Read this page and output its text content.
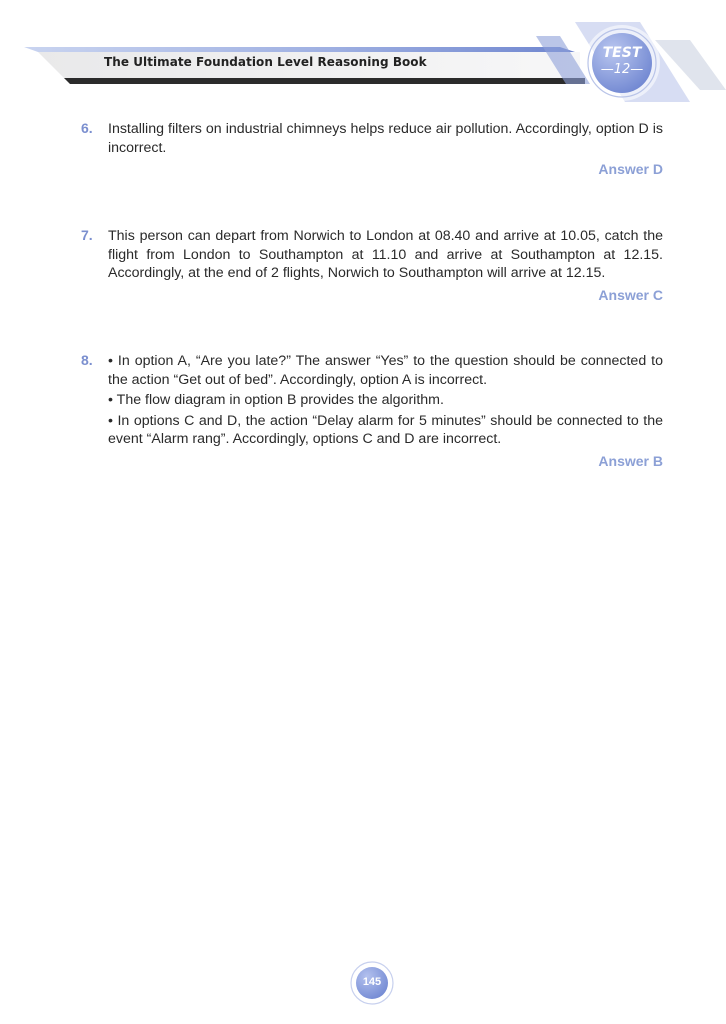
The Ultimate Foundation Level Reasoning Book
TEST
—12—
6. Installing filters on industrial chimneys helps reduce air pollution. Accordingly, option D is incorrect.

Answer D
7. This person can depart from Norwich to London at 08.40 and arrive at 10.05, catch the flight from London to Southampton at 11.10 and arrive at Southampton at 12.15. Accordingly, at the end of 2 flights, Norwich to Southampton will arrive at 12.15.

Answer C
8. • In option A, “Are you late?” The answer “Yes” to the question should be connected to the action “Get out of bed”. Accordingly, option A is incorrect.

• The flow diagram in option B provides the algorithm.

• In options C and D, the action “Delay alarm for 5 minutes” should be connected to the event “Alarm rang”. Accordingly, options C and D are incorrect.

Answer B
145
